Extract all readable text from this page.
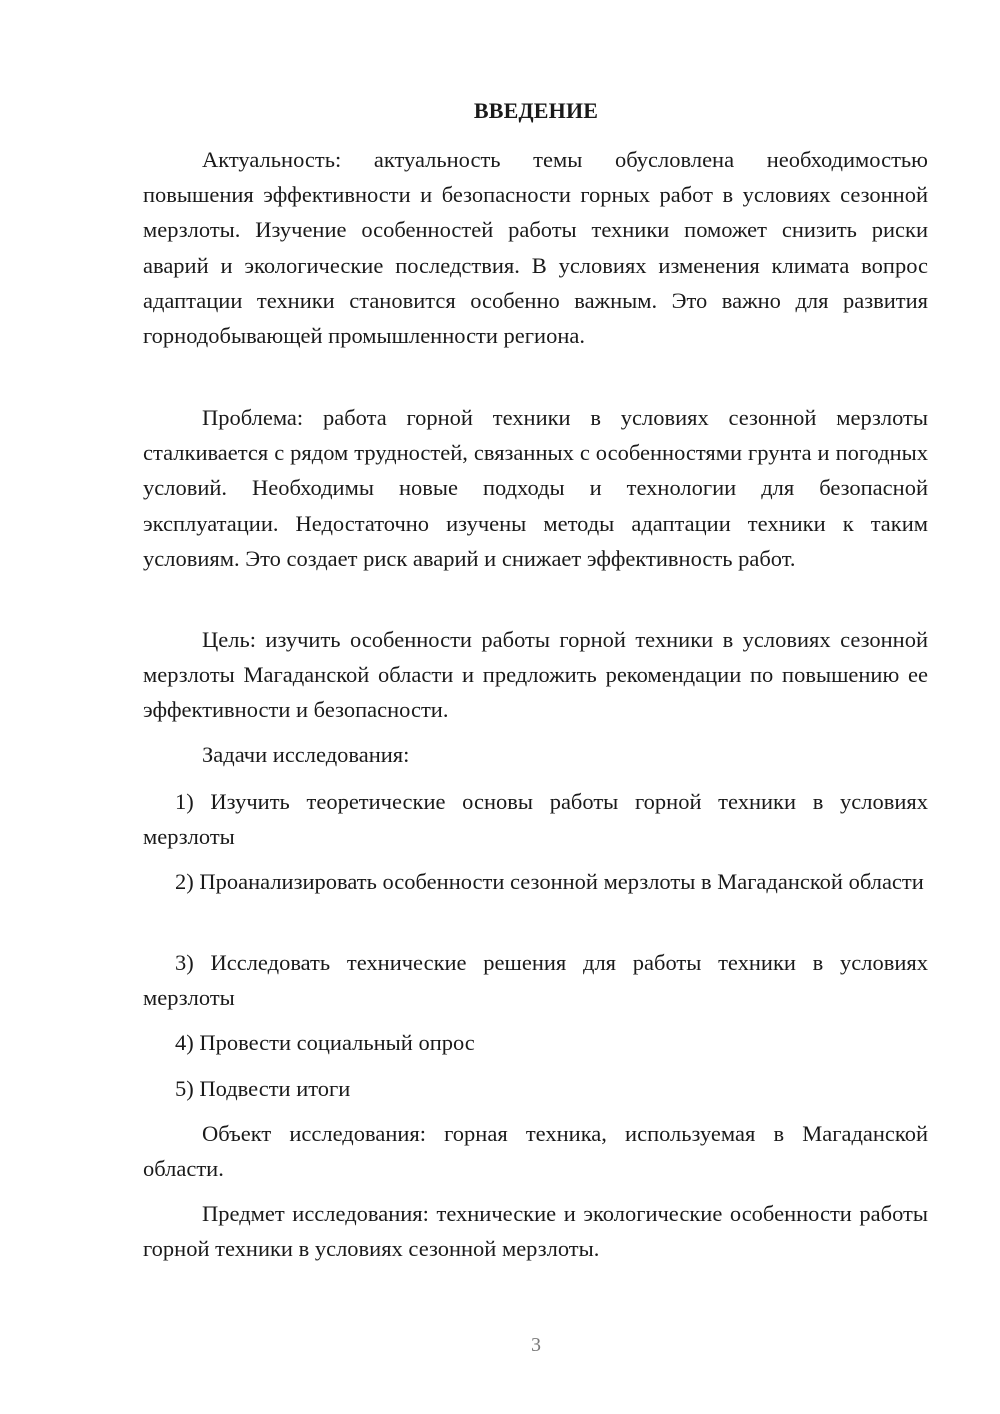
ВВЕДЕНИЕ

Актуальность: актуальность темы обусловлена необходимостью повышения эффективности и безопасности горных работ в условиях сезонной мерзлоты. Изучение особенностей работы техники поможет снизить риски аварий и экологические последствия. В условиях изменения климата вопрос адаптации техники становится особенно важным. Это важно для развития горнодобывающей промышленности региона.

Проблема: работа горной техники в условиях сезонной мерзлоты сталкивается с рядом трудностей, связанных с особенностями грунта и погодных условий. Необходимы новые подходы и технологии для безопасной эксплуатации. Недостаточно изучены методы адаптации техники к таким условиям. Это создает риск аварий и снижает эффективность работ.

Цель: изучить особенности работы горной техники в условиях сезонной мерзлоты Магаданской области и предложить рекомендации по повышению ее эффективности и безопасности.

Задачи исследования:

1) Изучить теоретические основы работы горной техники в условиях мерзлоты

2) Проанализировать особенности сезонной мерзлоты в Магаданской области

3) Исследовать технические решения для работы техники в условиях мерзлоты

4) Провести социальный опрос

5) Подвести итоги

Объект исследования: горная техника, используемая в Магаданской области.

Предмет исследования: технические и экологические особенности работы горной техники в условиях сезонной мерзлоты.

3
